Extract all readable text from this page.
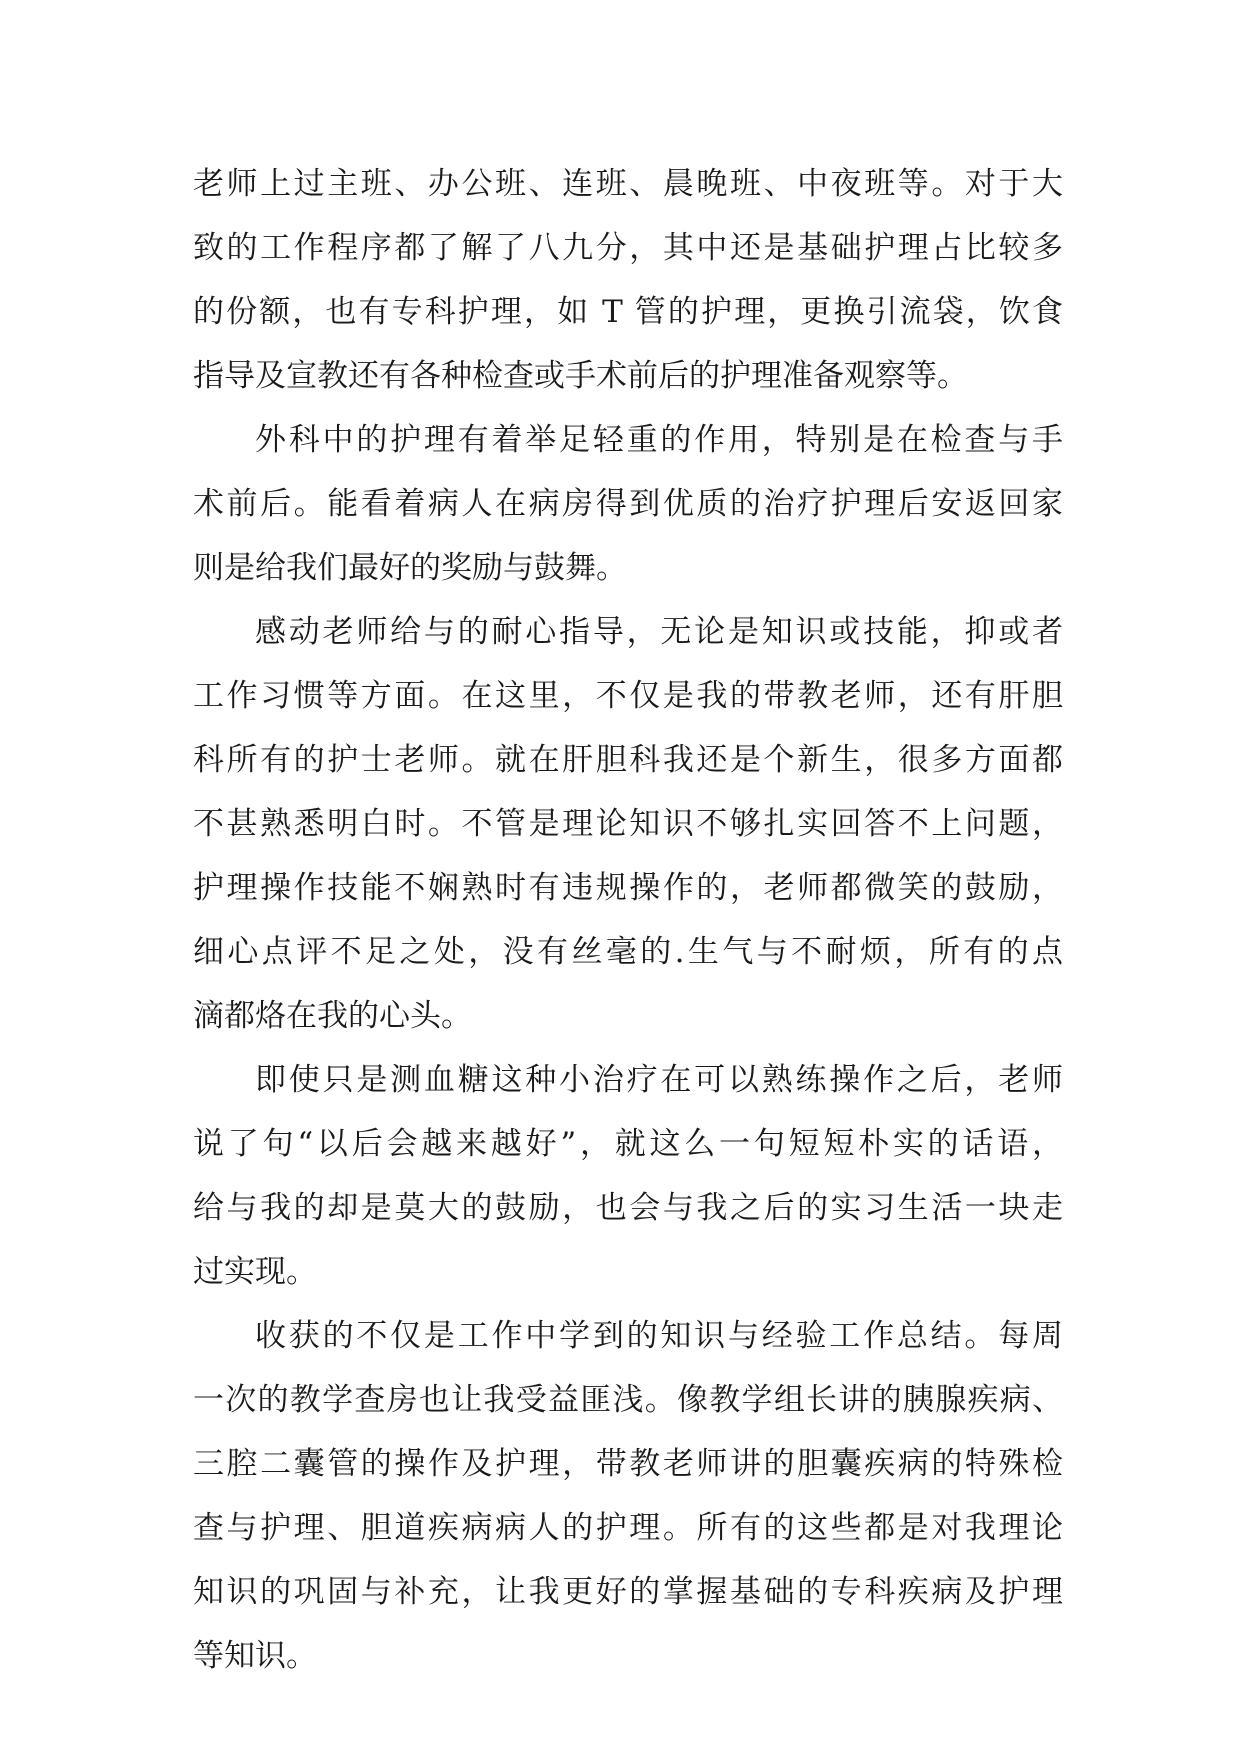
老师上过主班、办公班、连班、晨晚班、中夜班等。对于大
致的工作程序都了解了八九分，其中还是基础护理占比较多
的份额，也有专科护理，如 T 管的护理，更换引流袋，饮食
指导及宣教还有各种检查或手术前后的护理准备观察等。
外科中的护理有着举足轻重的作用，特别是在检查与手
术前后。能看着病人在病房得到优质的治疗护理后安返回家
则是给我们最好的奖励与鼓舞。
感动老师给与的耐心指导，无论是知识或技能，抑或者
工作习惯等方面。在这里，不仅是我的带教老师，还有肝胆
科所有的护士老师。就在肝胆科我还是个新生，很多方面都
不甚熟悉明白时。不管是理论知识不够扎实回答不上问题，
护理操作技能不娴熟时有违规操作的，老师都微笑的鼓励，
细心点评不足之处，没有丝毫的.生气与不耐烦，所有的点
滴都烙在我的心头。
即使只是测血糖这种小治疗在可以熟练操作之后，老师
说了句“以后会越来越好”，就这么一句短短朴实的话语，
给与我的却是莫大的鼓励，也会与我之后的实习生活一块走
过实现。
收获的不仅是工作中学到的知识与经验工作总结。每周
一次的教学查房也让我受益匪浅。像教学组长讲的胰腺疾病、
三腔二囊管的操作及护理，带教老师讲的胆囊疾病的特殊检
查与护理、胆道疾病病人的护理。所有的这些都是对我理论
知识的巩固与补充，让我更好的掌握基础的专科疾病及护理
等知识。
